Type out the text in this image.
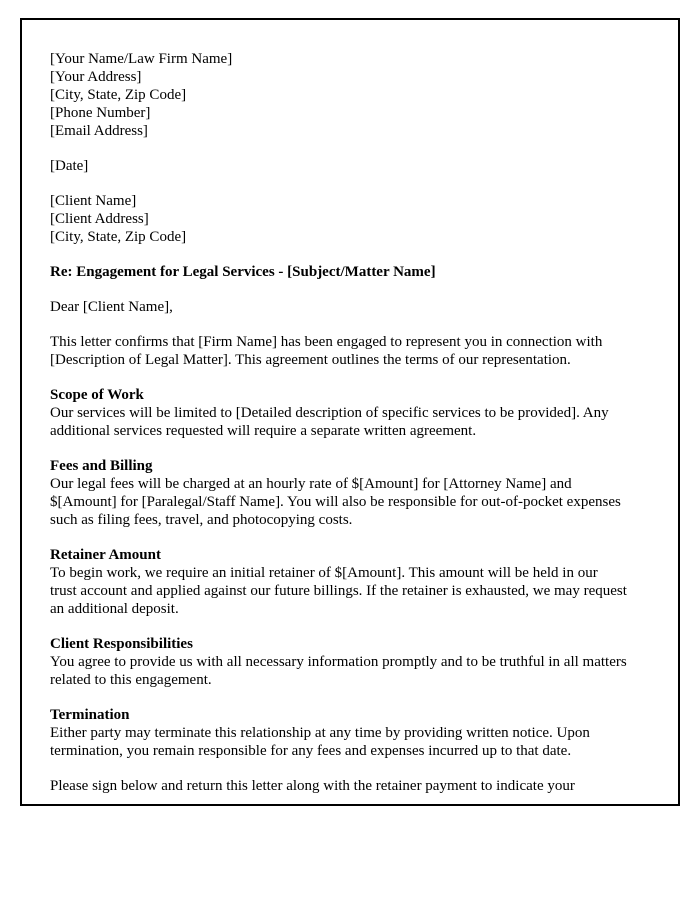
[Your Name/Law Firm Name]
[Your Address]
[City, State, Zip Code]
[Phone Number]
[Email Address]

[Date]

[Client Name]
[Client Address]
[City, State, Zip Code]

Re: Engagement for Legal Services - [Subject/Matter Name]

Dear [Client Name],

This letter confirms that [Firm Name] has been engaged to represent you in connection with [Description of Legal Matter]. This agreement outlines the terms of our representation.

Scope of Work

Our services will be limited to [Detailed description of specific services to be provided]. Any additional services requested will require a separate written agreement.

Fees and Billing

Our legal fees will be charged at an hourly rate of $[Amount] for [Attorney Name] and $[Amount] for [Paralegal/Staff Name]. You will also be responsible for out-of-pocket expenses such as filing fees, travel, and photocopying costs.

Retainer Amount

To begin work, we require an initial retainer of $[Amount]. This amount will be held in our trust account and applied against our future billings. If the retainer is exhausted, we may request an additional deposit.

Client Responsibilities

You agree to provide us with all necessary information promptly and to be truthful in all matters related to this engagement.

Termination

Either party may terminate this relationship at any time by providing written notice. Upon termination, you remain responsible for any fees and expenses incurred up to that date.

Please sign below and return this letter along with the retainer payment to indicate your
